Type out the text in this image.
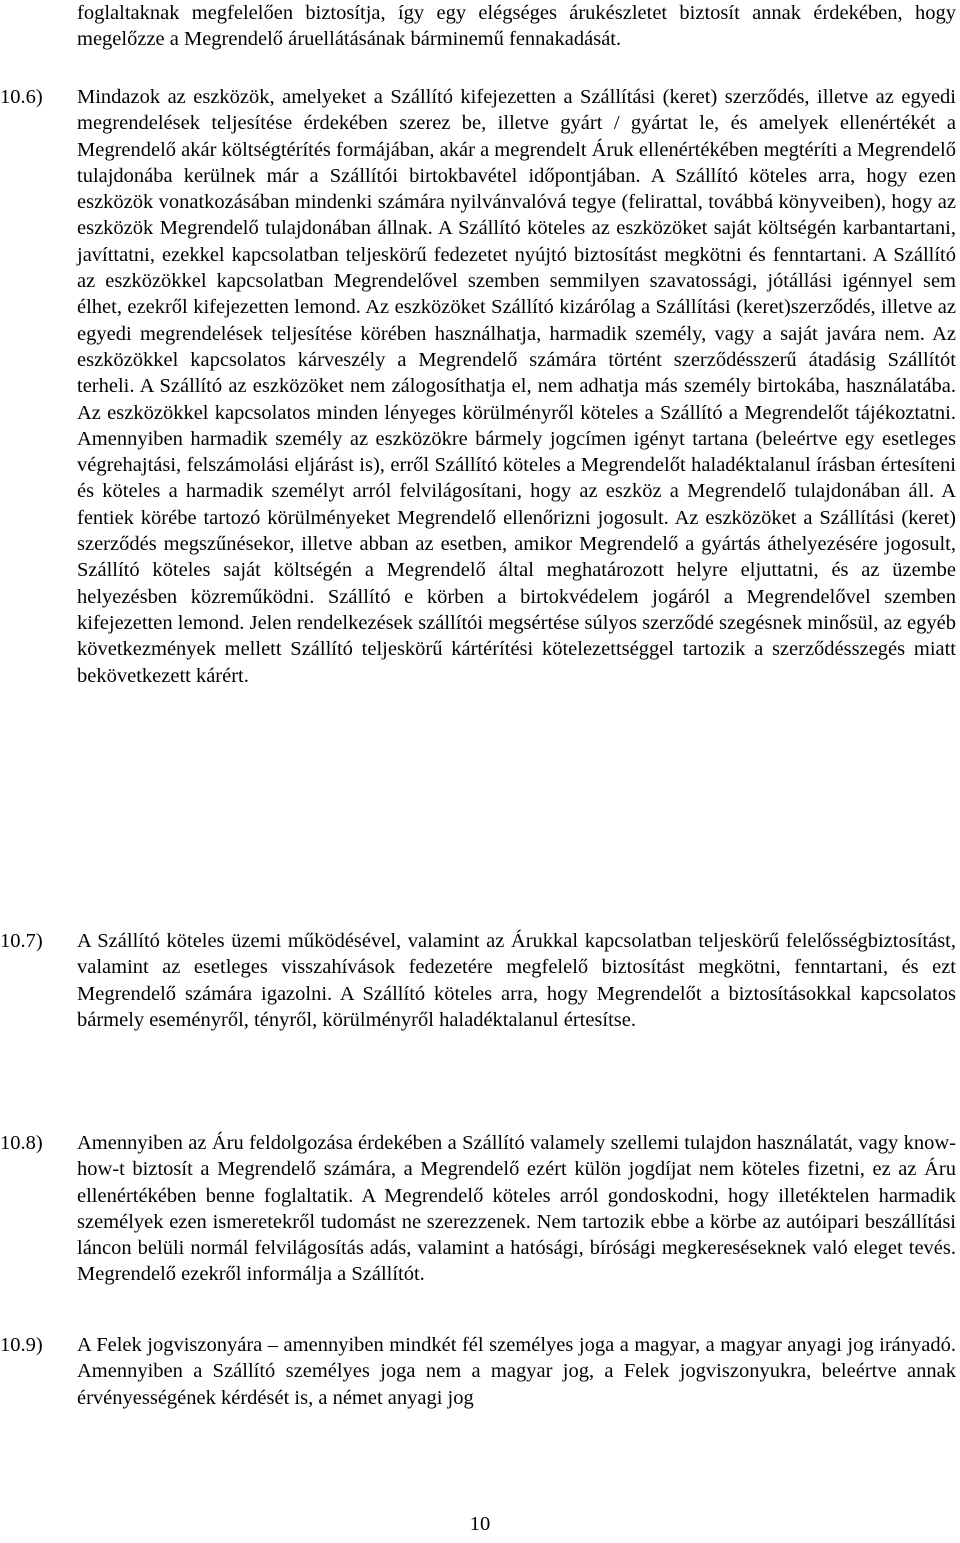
foglaltaknak megfelelően biztosítja, így egy elégséges árukészletet biztosít annak érdekében, hogy megelőzze a Megrendelő áruellátásának bárminemű fennakadását.
10.6)	Mindazok az eszközök, amelyeket a Szállító kifejezetten a Szállítási (keret) szerződés, illetve az egyedi megrendelések teljesítése érdekében szerez be, illetve gyárt / gyártat le, és amelyek ellenértékét a Megrendelő akár költségtérítés formájában, akár a megrendelt Áruk ellenértékében megtéríti a Megrendelő tulajdonába kerülnek már a Szállítói birtokbavétel időpontjában. A Szállító köteles arra, hogy ezen eszközök vonatkozásában mindenki számára nyilvánvalóvá tegye (felirattal, továbbá könyveiben), hogy az eszközök Megrendelő tulajdonában állnak. A Szállító köteles az eszközöket saját költségén karbantartani, javíttatni, ezekkel kapcsolatban teljeskörű fedezetet nyújtó biztosítást megkötni és fenntartani. A Szállító az eszközökkel kapcsolatban Megrendelővel szemben semmilyen szavatossági, jótállási igénnyel sem élhet, ezekről kifejezetten lemond. Az eszközöket Szállító kizárólag a Szállítási (keret)szerződés, illetve az egyedi megrendelések teljesítése körében használhatja, harmadik személy, vagy a saját javára nem. Az eszközökkel kapcsolatos kárveszély a Megrendelő számára történt szerződésszerű átadásig Szállítót terheli. A Szállító az eszközöket nem zálogosíthatja el, nem adhatja más személy birtokába, használatába. Az eszközökkel kapcsolatos minden lényeges körülményről köteles a Szállító a Megrendelőt tájékoztatni. Amennyiben harmadik személy az eszközökre bármely jogcímen igényt tartana (beleértve egy esetleges végrehajtási, felszámolási eljárást is), erről Szállító köteles a Megrendelőt haladéktalanul írásban értesíteni és köteles a harmadik személyt arról felvilágosítani, hogy az eszköz a Megrendelő tulajdonában áll. A fentiek körébe tartozó körülményeket Megrendelő ellenőrizni jogosult. Az eszközöket a Szállítási (keret) szerződés megszűnésekor, illetve abban az esetben, amikor Megrendelő a gyártás áthelyezésére jogosult, Szállító köteles saját költségén a Megrendelő által meghatározott helyre eljuttatni, és az üzembe helyezésben közreműködni. Szállító e körben a birtokvédelem jogáról a Megrendelővel szemben kifejezetten lemond. Jelen rendelkezések szállítói megsértése súlyos szerződé szegésnek minősül, az egyéb következmények mellett Szállító teljeskörű kártérítési kötelezettséggel tartozik a szerződésszegés miatt bekövetkezett kárért.
10.7)	A Szállító köteles üzemi működésével, valamint az Árukkal kapcsolatban teljeskörű felelősségbiztosítást, valamint az esetleges visszahívások fedezetére megfelelő biztosítást megkötni, fenntartani, és ezt Megrendelő számára igazolni. A Szállító köteles arra, hogy Megrendelőt a biztosításokkal kapcsolatos bármely eseményről, tényről, körülményről haladéktalanul értesítse.
10.8)	Amennyiben az Áru feldolgozása érdekében a Szállító valamely szellemi tulajdon használatát, vagy know-how-t biztosít a Megrendelő számára, a Megrendelő ezért külön jogdíjat nem köteles fizetni, ez az Áru ellenértékében benne foglaltatik. A Megrendelő köteles arról gondoskodni, hogy illetéktelen harmadik személyek ezen ismeretekről tudomást ne szerezzenek. Nem tartozik ebbe a körbe az autóipari beszállítási láncon belüli normál felvilágosítás adás, valamint a hatósági, bírósági megkereséseknek való eleget tevés. Megrendelő ezekről informálja a Szállítót.
10.9)	A Felek jogviszonyára – amennyiben mindkét fél személyes joga a magyar, a magyar anyagi jog irányadó. Amennyiben a Szállító személyes joga nem a magyar jog, a Felek jogviszonyukra, beleértve annak érvényességének kérdését is, a német anyagi jog
10
